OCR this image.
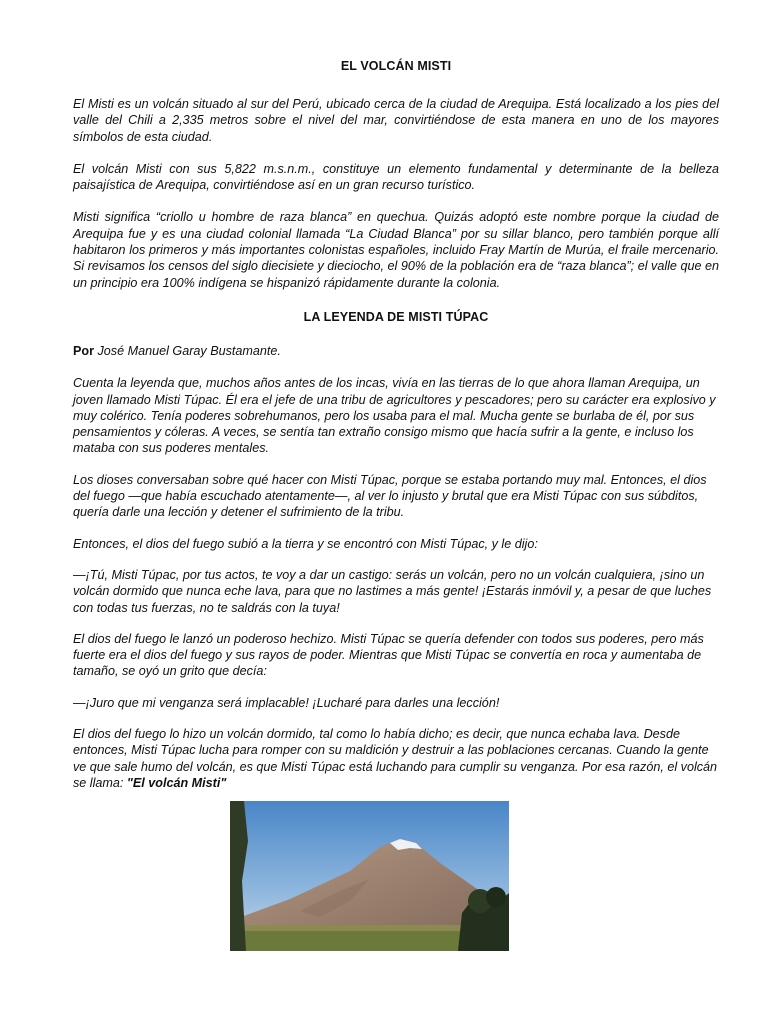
EL VOLCÁN MISTI

El Misti es un volcán situado al sur del Perú, ubicado cerca de la ciudad de Arequipa. Está localizado a los pies del valle del Chili a 2,335 metros sobre el nivel del mar, convirtiéndose de esta manera en uno de los mayores símbolos de esta ciudad.

El volcán Misti con sus 5,822 m.s.n.m., constituye un elemento fundamental y determinante de la belleza paisajística de Arequipa, convirtiéndose así en un gran recurso turístico.

Misti significa “criollo u hombre de raza blanca” en quechua. Quizás adoptó este nombre porque la ciudad de Arequipa fue y es una ciudad colonial llamada “La Ciudad Blanca” por su sillar blanco, pero también porque allí habitaron los primeros y más importantes colonistas españoles, incluido Fray Martín de Murúa, el fraile mercenario. Si revisamos los censos del siglo diecisiete y dieciocho, el 90% de la población era de “raza blanca”; el valle que en un principio era 100% indígena se hispanizó rápidamente durante la colonia.

LA LEYENDA DE MISTI TÚPAC

Por José Manuel Garay Bustamante.

Cuenta la leyenda que, muchos años antes de los incas, vivía en las tierras de lo que ahora llaman Arequipa, un joven llamado Misti Túpac. Él era el jefe de una tribu de agricultores y pescadores; pero su carácter era explosivo y muy colérico. Tenía poderes sobrehumanos, pero los usaba para el mal. Mucha gente se burlaba de él, por sus pensamientos y cóleras. A veces, se sentía tan extraño consigo mismo que hacía sufrir a la gente, e incluso los mataba con sus poderes mentales.

Los dioses conversaban sobre qué hacer con Misti Túpac, porque se estaba portando muy mal. Entonces, el dios del fuego —que había escuchado atentamente—, al ver lo injusto y brutal que era Misti Túpac con sus súbditos, quería darle una lección y detener el sufrimiento de la tribu.

Entonces, el dios del fuego subió a la tierra y se encontró con Misti Túpac, y le dijo:

—¡Tú, Misti Túpac, por tus actos, te voy a dar un castigo: serás un volcán, pero no un volcán cualquiera, ¡sino un volcán dormido que nunca eche lava, para que no lastimes a más gente! ¡Estarás inmóvil y, a pesar de que luches con todas tus fuerzas, no te saldrás con la tuya!

El dios del fuego le lanzó un poderoso hechizo. Misti Túpac se quería defender con todos sus poderes, pero más fuerte era el dios del fuego y sus rayos de poder. Mientras que Misti Túpac se convertía en roca y aumentaba de tamaño, se oyó un grito que decía:

—¡Juro que mi venganza será implacable! ¡Lucharé para darles una lección!

El dios del fuego lo hizo un volcán dormido, tal como lo había dicho; es decir, que nunca echaba lava. Desde entonces, Misti Túpac lucha para romper con su maldición y destruir a las poblaciones cercanas. Cuando la gente ve que sale humo del volcán, es que Misti Túpac está luchando para cumplir su venganza. Por esa razón, el volcán se llama: "El volcán Misti"
